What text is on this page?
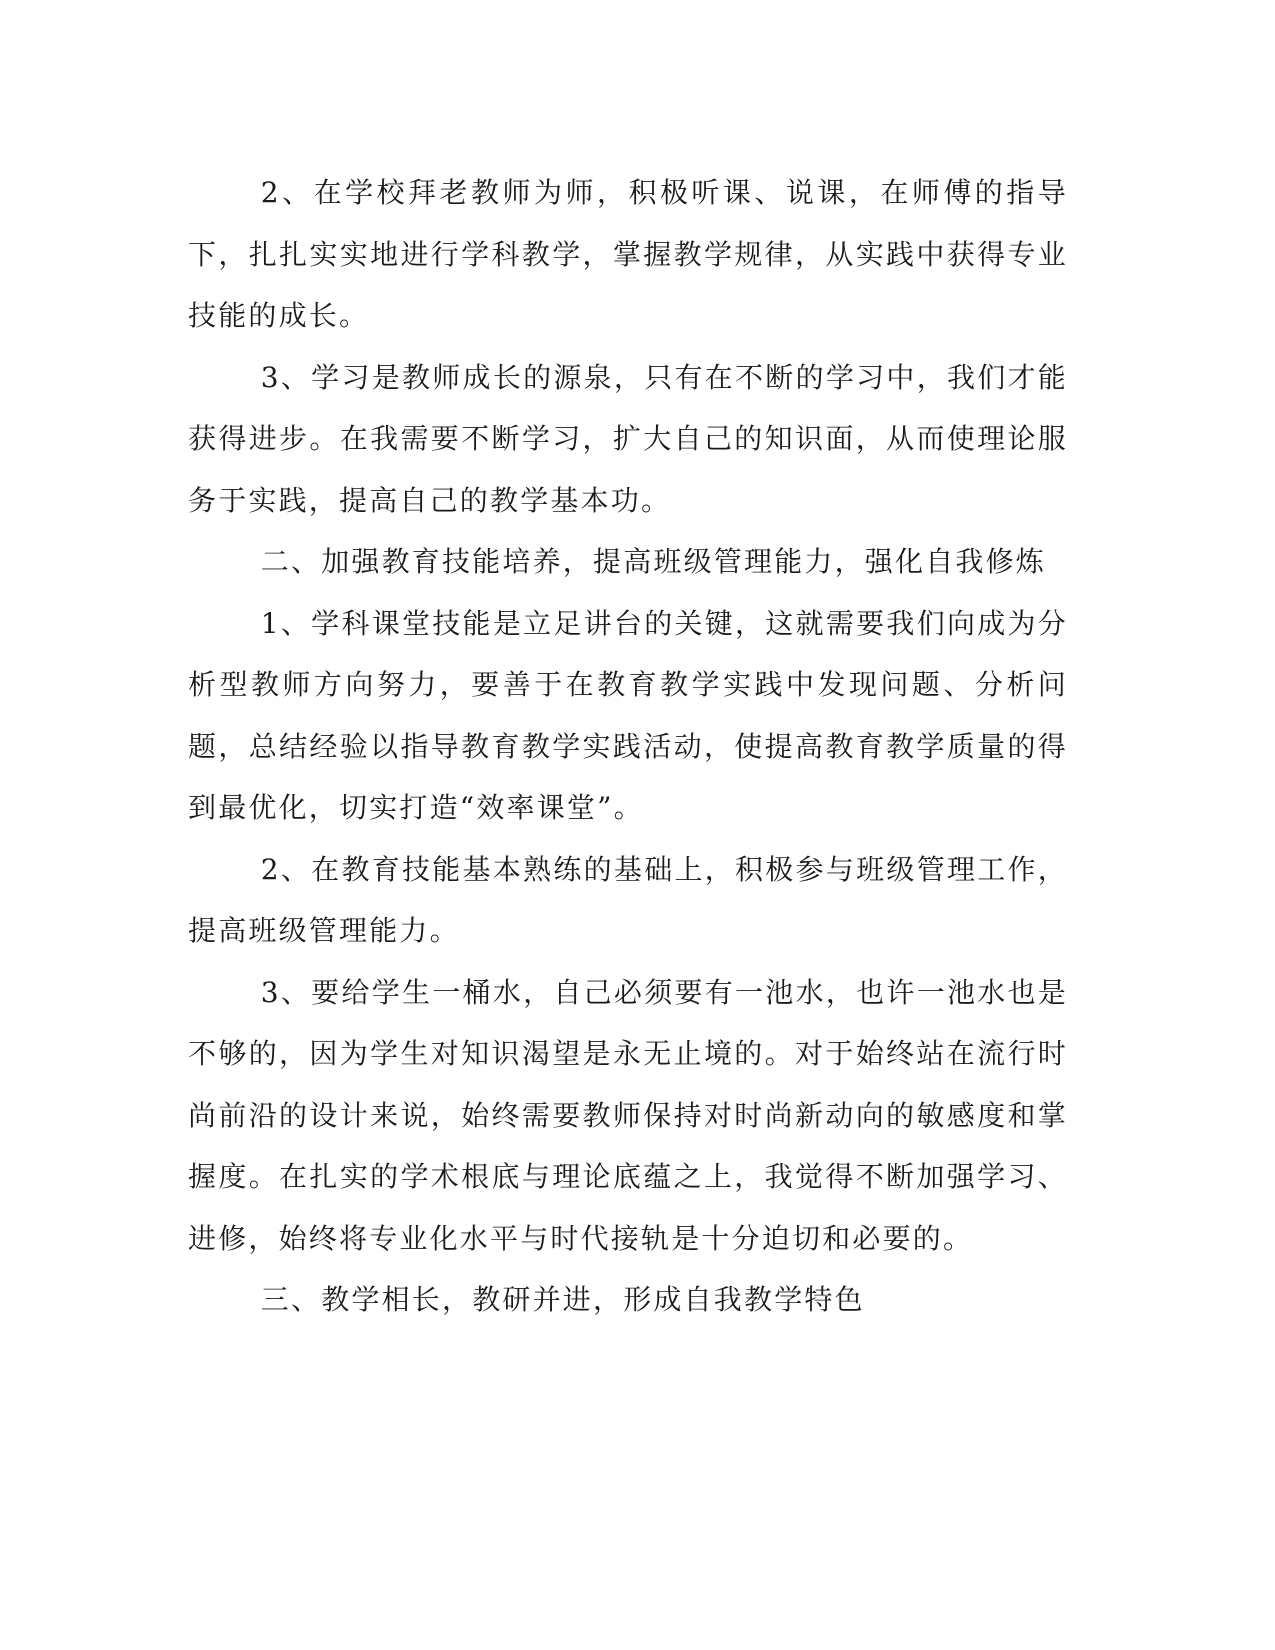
2、在学校拜老教师为师，积极听课、说课，在师傅的指导下，扎扎实实地进行学科教学，掌握教学规律，从实践中获得专业技能的成长。

3、学习是教师成长的源泉，只有在不断的学习中，我们才能获得进步。在我需要不断学习，扩大自己的知识面，从而使理论服务于实践，提高自己的教学基本功。

二、加强教育技能培养，提高班级管理能力，强化自我修炼

1、学科课堂技能是立足讲台的关键，这就需要我们向成为分析型教师方向努力，要善于在教育教学实践中发现问题、分析问题，总结经验以指导教育教学实践活动，使提高教育教学质量的得到最优化，切实打造“效率课堂”。

2、在教育技能基本熟练的基础上，积极参与班级管理工作，提高班级管理能力。

3、要给学生一桶水，自己必须要有一池水，也许一池水也是不够的，因为学生对知识渴望是永无止境的。对于始终站在流行时尚前沿的设计来说，始终需要教师保持对时尚新动向的敏感度和掌握度。在扎实的学术根底与理论底蕴之上，我觉得不断加强学习、进修，始终将专业化水平与时代接轨是十分迫切和必要的。

三、教学相长，教研并进，形成自我教学特色
